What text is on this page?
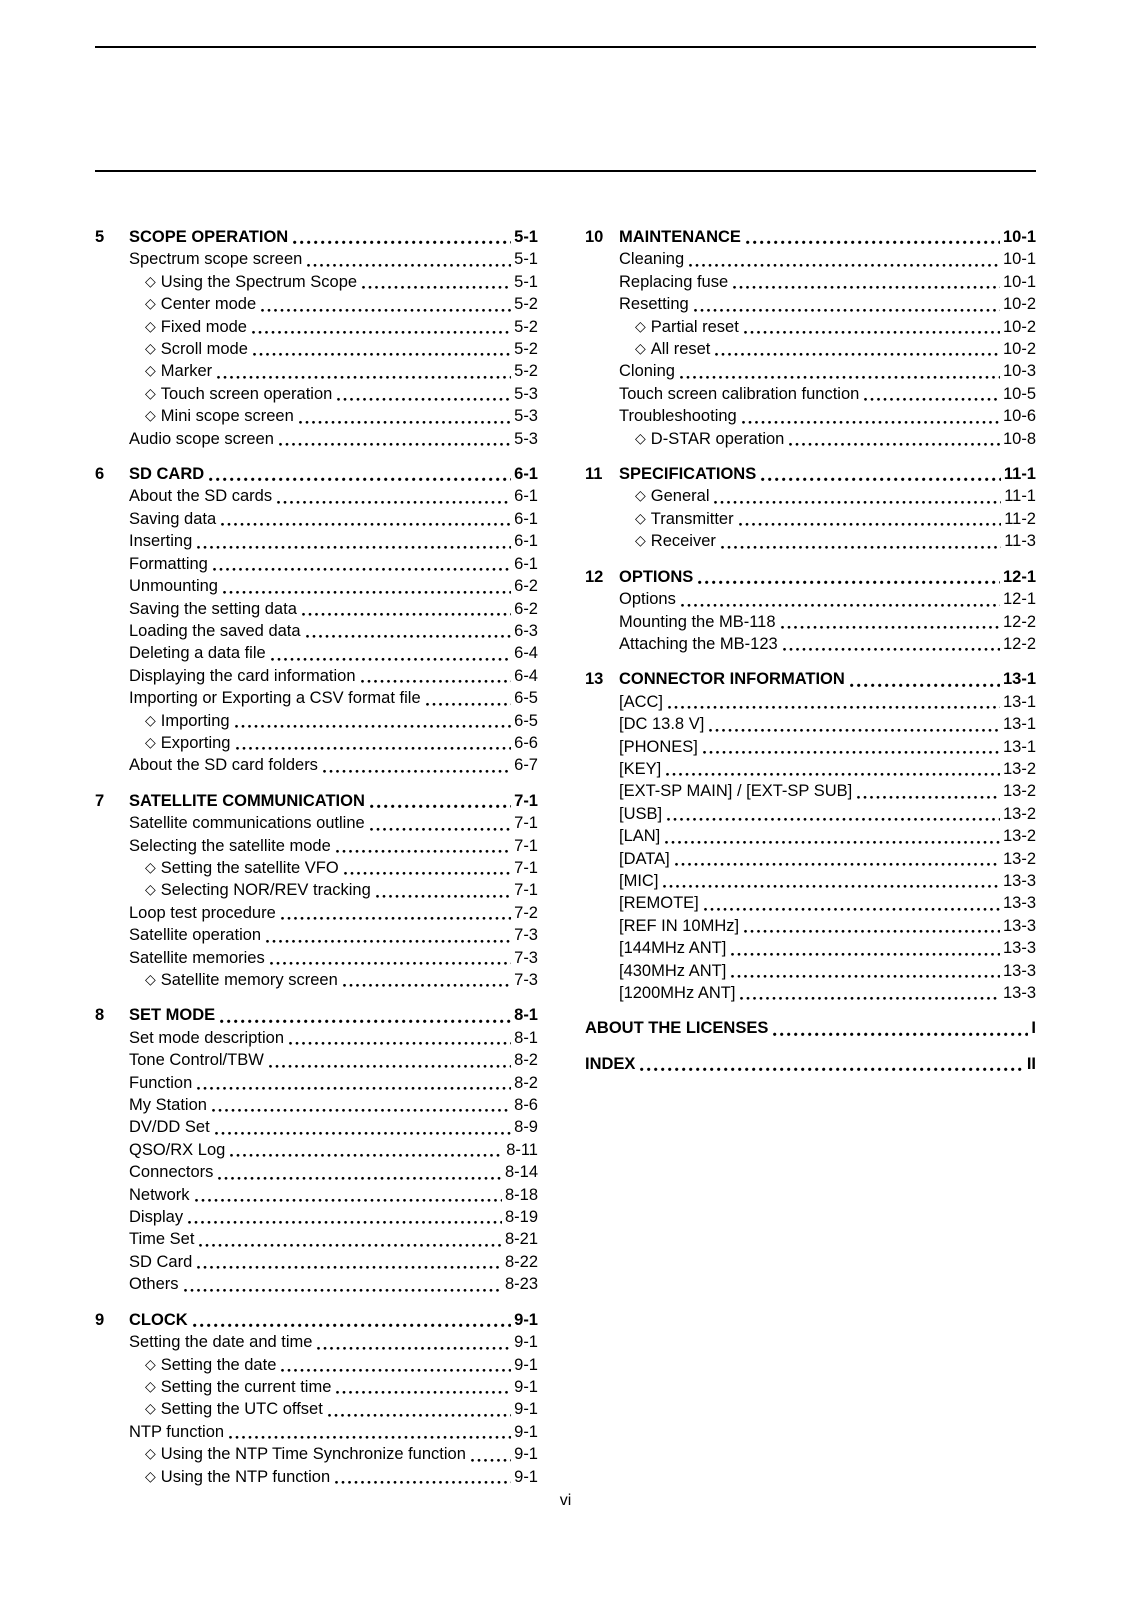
5	SCOPE OPERATION	5-1
Spectrum scope screen	5-1
◇ Using the Spectrum Scope	5-1
◇ Center mode	5-2
◇ Fixed mode	5-2
◇ Scroll mode	5-2
◇ Marker	5-2
◇ Touch screen operation	5-3
◇ Mini scope screen	5-3
Audio scope screen	5-3
6	SD CARD	6-1
About the SD cards	6-1
Saving data	6-1
Inserting	6-1
Formatting	6-1
Unmounting	6-2
Saving the setting data	6-2
Loading the saved data	6-3
Deleting a data file	6-4
Displaying the card information	6-4
Importing or Exporting a CSV format file	6-5
◇ Importing	6-5
◇ Exporting	6-6
About the SD card folders	6-7
7	SATELLITE COMMUNICATION	7-1
Satellite communications outline	7-1
Selecting the satellite mode	7-1
◇ Setting the satellite VFO	7-1
◇ Selecting NOR/REV tracking	7-1
Loop test procedure	7-2
Satellite operation	7-3
Satellite memories	7-3
◇ Satellite memory screen	7-3
8	SET MODE	8-1
Set mode description	8-1
Tone Control/TBW	8-2
Function	8-2
My Station	8-6
DV/DD Set	8-9
QSO/RX Log	8-11
Connectors	8-14
Network	8-18
Display	8-19
Time Set	8-21
SD Card	8-22
Others	8-23
9	CLOCK	9-1
Setting the date and time	9-1
◇ Setting the date	9-1
◇ Setting the current time	9-1
◇ Setting the UTC offset	9-1
NTP function	9-1
◇ Using the NTP Time Synchronize function	9-1
◇ Using the NTP function	9-1
10 MAINTENANCE	10-1
Cleaning	10-1
Replacing fuse	10-1
Resetting	10-2
◇ Partial reset	10-2
◇ All reset	10-2
Cloning	10-3
Touch screen calibration function	10-5
Troubleshooting	10-6
◇ D-STAR operation	10-8
11	SPECIFICATIONS	11-1
◇ General	11-1
◇ Transmitter	11-2
◇ Receiver	11-3
12 OPTIONS	12-1
Options	12-1
Mounting the MB-118	12-2
Attaching the MB-123	12-2
13 CONNECTOR INFORMATION	13-1
[ACC]	13-1
[DC 13.8 V]	13-1
[PHONES]	13-1
[KEY]	13-2
[EXT-SP MAIN] / [EXT-SP SUB]	13-2
[USB]	13-2
[LAN]	13-2
[DATA]	13-2
[MIC]	13-3
[REMOTE]	13-3
[REF IN 10MHz]	13-3
[144MHz ANT]	13-3
[430MHz ANT]	13-3
[1200MHz ANT]	13-3
ABOUT THE LICENSES	I
INDEX	II
vi
